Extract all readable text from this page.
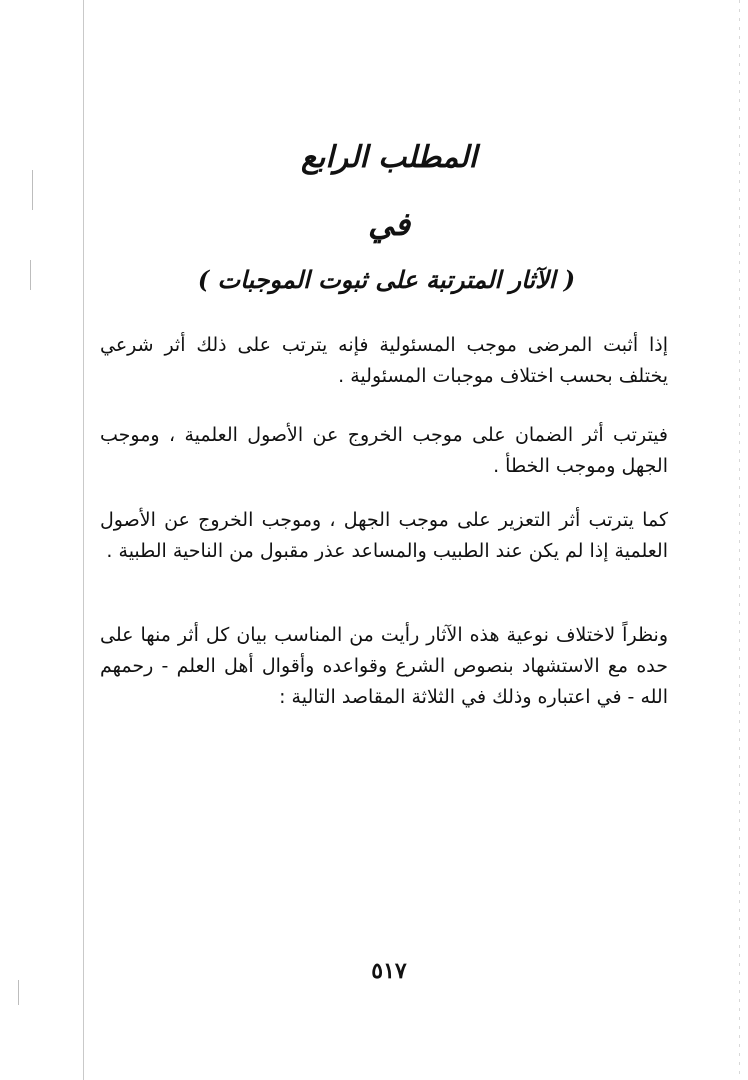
المطلب الرابع
في
( الآثار المترتبة على ثبوت الموجبات )
إذا أثبت المرضى موجب المسئولية فإنه يترتب على ذلك أثر شرعي يختلف بحسب اختلاف موجبات المسئولية .
فيترتب أثر الضمان على موجب الخروج عن الأصول العلمية ، وموجب الجهل وموجب الخطأ .
كما يترتب أثر التعزير على موجب الجهل ، وموجب الخروج عن الأصول العلمية إذا لم يكن عند الطبيب والمساعد عذر مقبول من الناحية الطبية .
ونظراً لاختلاف نوعية هذه الآثار رأيت من المناسب بيان كل أثر منها على حده مع الاستشهاد بنصوص الشرع وقواعده وأقوال أهل العلم - رحمهم الله - في اعتباره وذلك في الثلاثة المقاصد التالية :
٥١٧
